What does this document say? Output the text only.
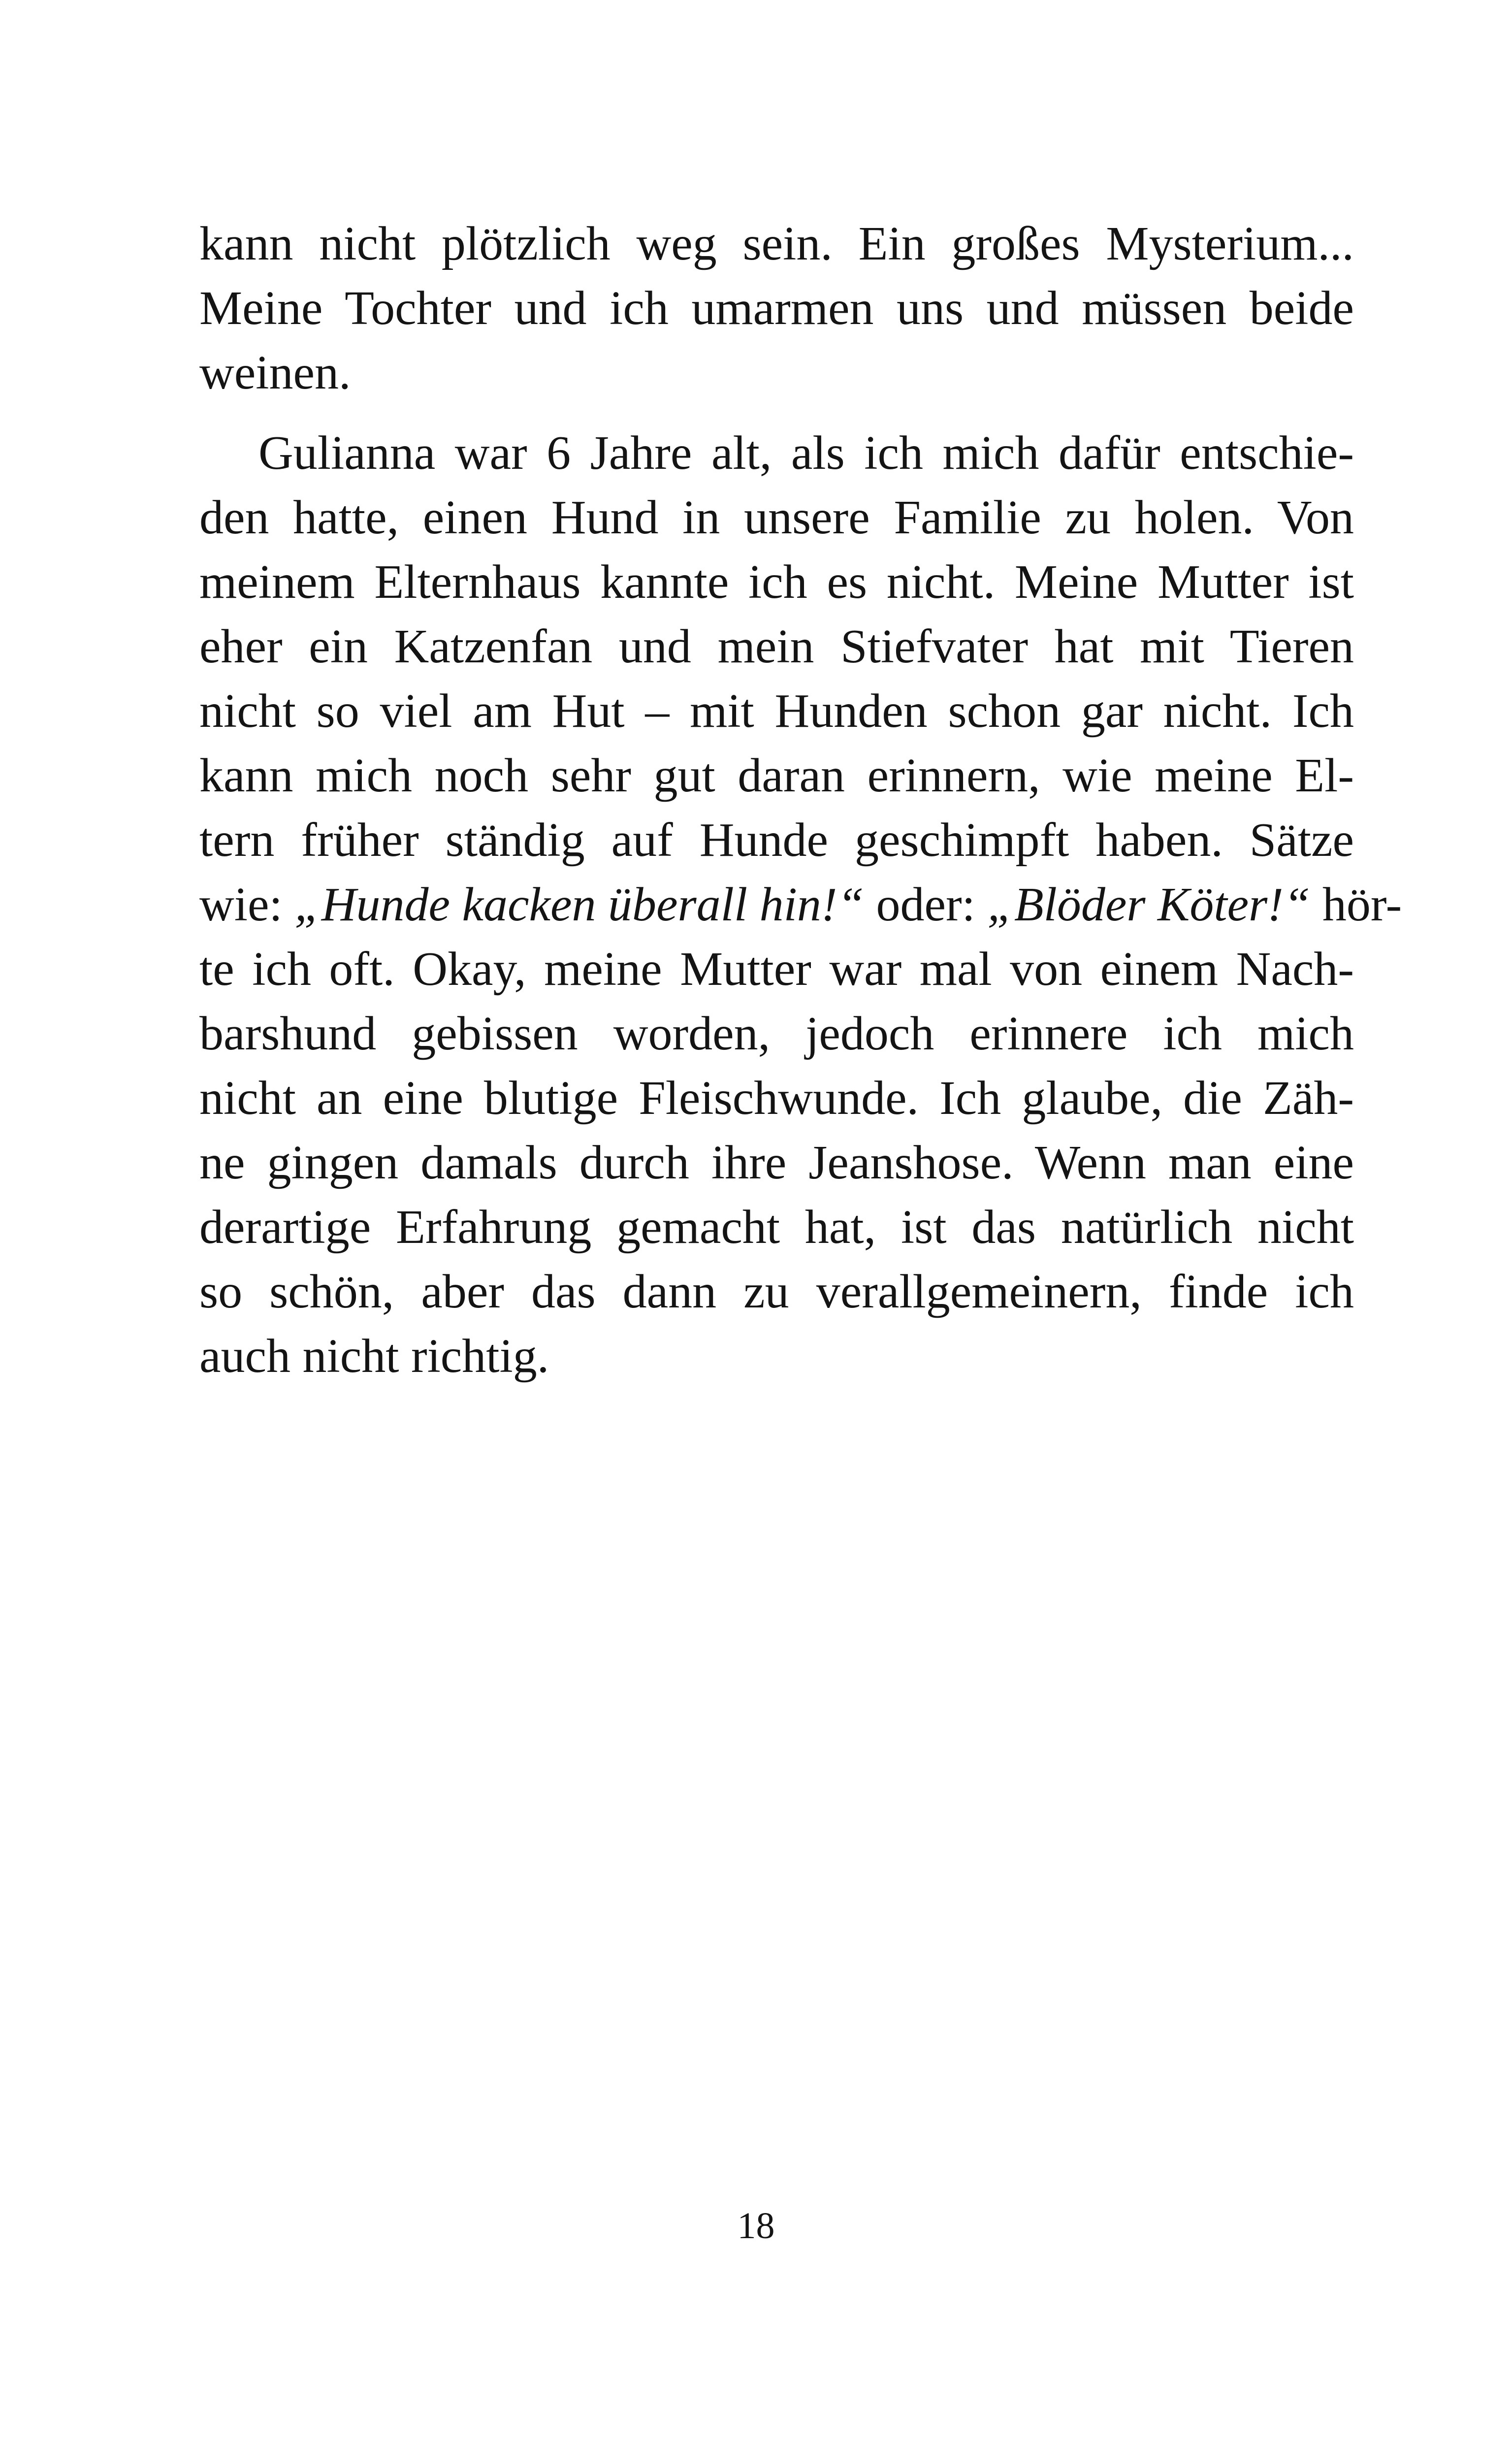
kann nicht plötzlich weg sein. Ein großes Mysterium...
Meine Tochter und ich umarmen uns und müssen beide
weinen.
Gulianna war 6 Jahre alt, als ich mich dafür entschie-
den hatte, einen Hund in unsere Familie zu holen. Von
meinem Elternhaus kannte ich es nicht. Meine Mutter ist
eher ein Katzenfan und mein Stiefvater hat mit Tieren
nicht so viel am Hut – mit Hunden schon gar nicht. Ich
kann mich noch sehr gut daran erinnern, wie meine El-
tern früher ständig auf Hunde geschimpft haben. Sätze
wie: „Hunde kacken überall hin!“ oder: „Blöder Köter!“ hör-
te ich oft. Okay, meine Mutter war mal von einem Nach-
barshund gebissen worden, jedoch erinnere ich mich
nicht an eine blutige Fleischwunde. Ich glaube, die Zäh-
ne gingen damals durch ihre Jeanshose. Wenn man eine
derartige Erfahrung gemacht hat, ist das natürlich nicht
so schön, aber das dann zu verallgemeinern, finde ich
auch nicht richtig.
18
